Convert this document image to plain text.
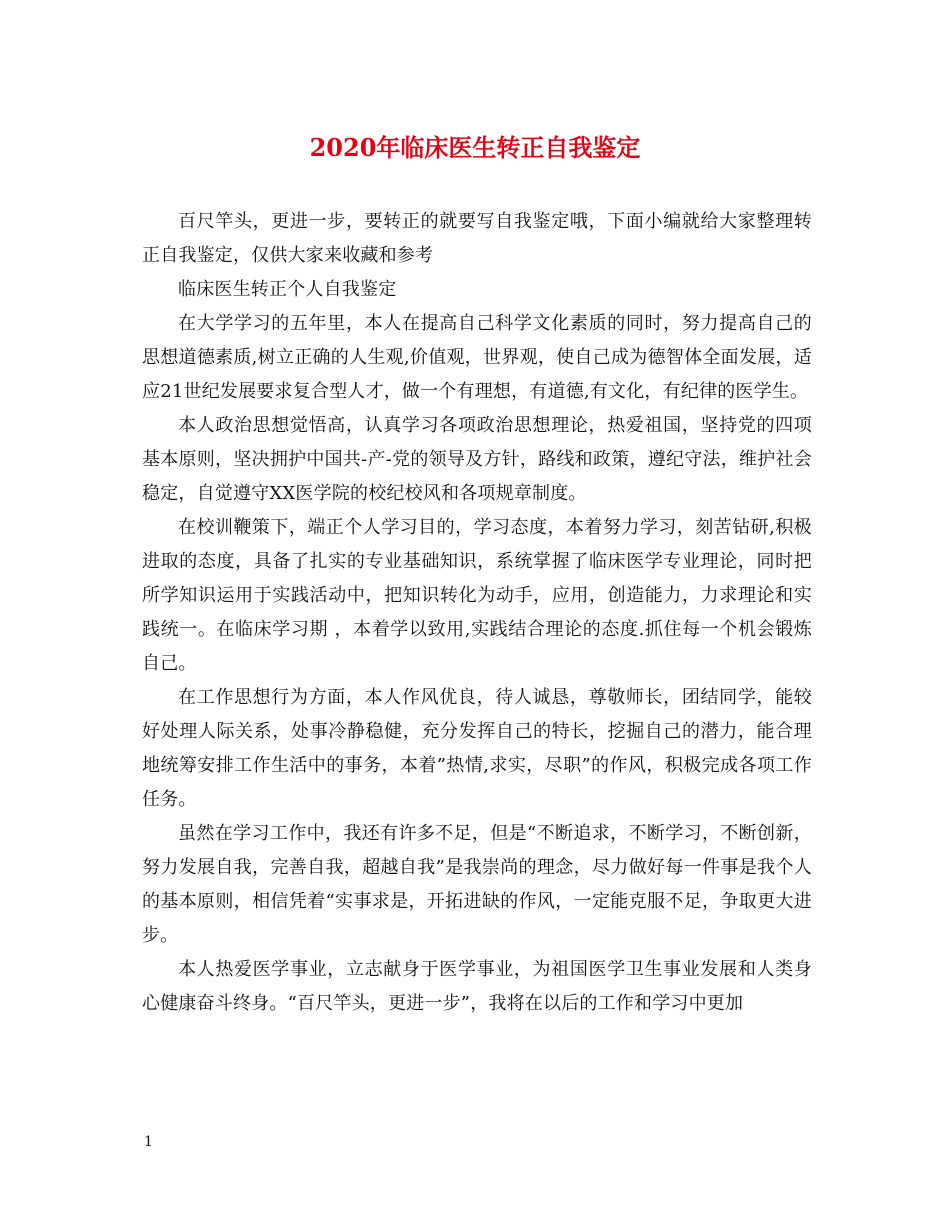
2020年临床医生转正自我鉴定

百尺竿头，更进一步，要转正的就要写自我鉴定哦，下面小编就给大家整理转正自我鉴定，仅供大家来收藏和参考

临床医生转正个人自我鉴定

在大学学习的五年里，本人在提高自己科学文化素质的同时，努力提高自己的思想道德素质,树立正确的人生观,价值观，世界观，使自己成为德智体全面发展，适应21世纪发展要求复合型人才，做一个有理想，有道德,有文化，有纪律的医学生。

本人政治思想觉悟高，认真学习各项政治思想理论，热爱祖国，坚持党的四项基本原则，坚决拥护中国共-产-党的领导及方针，路线和政策，遵纪守法，维护社会稳定，自觉遵守XX医学院的校纪校风和各项规章制度。

在校训鞭策下，端正个人学习目的，学习态度，本着努力学习，刻苦钻研,积极进取的态度，具备了扎实的专业基础知识，系统掌握了临床医学专业理论，同时把所学知识运用于实践活动中，把知识转化为动手，应用，创造能力，力求理论和实践统一。在临床学习期 ，本着学以致用,实践结合理论的态度.抓住每一个机会锻炼自己。

在工作思想行为方面，本人作风优良，待人诚恳，尊敬师长，团结同学，能较好处理人际关系，处事冷静稳健，充分发挥自己的特长，挖掘自己的潜力，能合理地统筹安排工作生活中的事务，本着”热情,求实，尽职”的作风，积极完成各项工作任务。

虽然在学习工作中，我还有许多不足，但是“不断追求，不断学习，不断创新，努力发展自我，完善自我，超越自我”是我崇尚的理念，尽力做好每一件事是我个人的基本原则，相信凭着“实事求是，开拓进缺的作风，一定能克服不足，争取更大进步。

本人热爱医学事业，立志献身于医学事业，为祖国医学卫生事业发展和人类身心健康奋斗终身。“百尺竿头，更进一步”，我将在以后的工作和学习中更加

1
